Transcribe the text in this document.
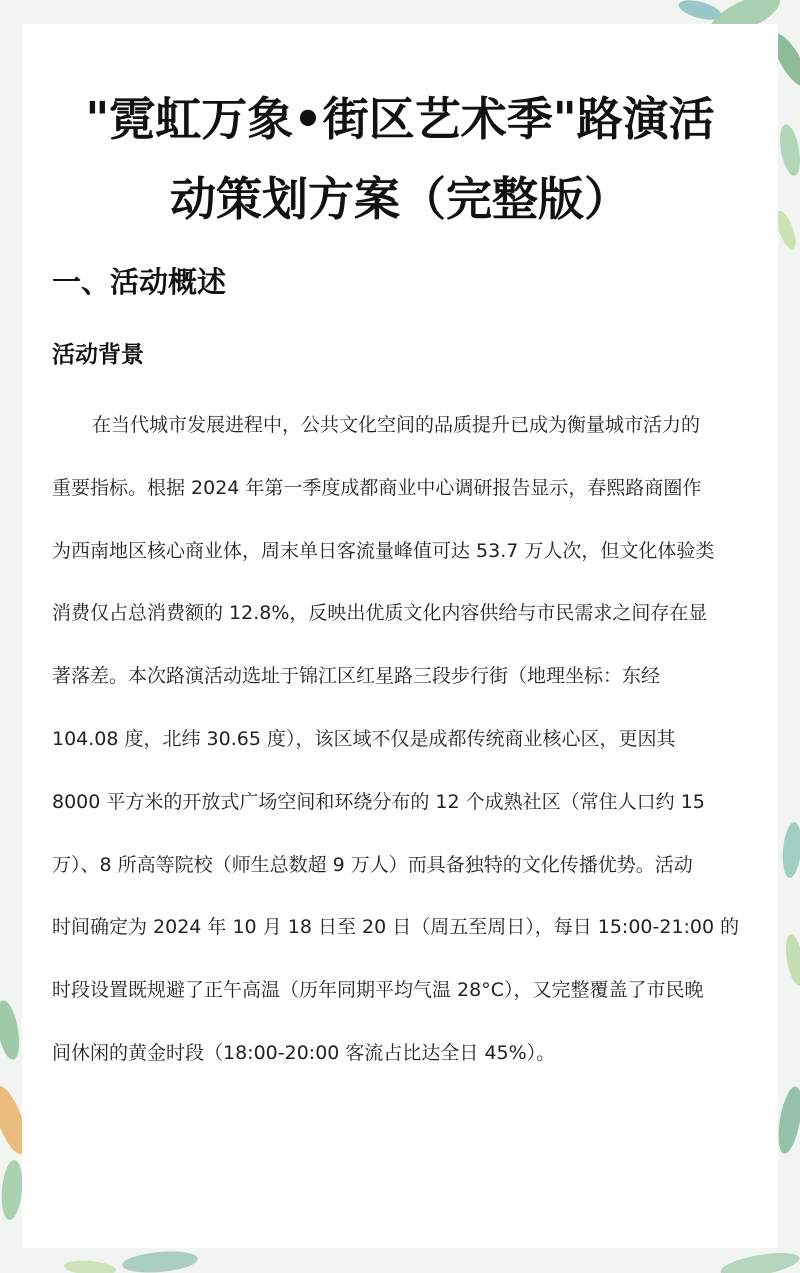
"霓虹万象•街区艺术季"路演活
动策划方案（完整版）
一、活动概述
活动背景

在当代城市发展进程中，公共文化空间的品质提升已成为衡量城市活力的
重要指标。根据 2024 年第一季度成都商业中心调研报告显示，春熙路商圈作
为西南地区核心商业体，周末单日客流量峰值可达 53.7 万人次，但文化体验类
消费仅占总消费额的 12.8%，反映出优质文化内容供给与市民需求之间存在显
著落差。本次路演活动选址于锦江区红星路三段步行街（地理坐标：东经
104.08 度，北纬 30.65 度），该区域不仅是成都传统商业核心区，更因其
8000 平方米的开放式广场空间和环绕分布的 12 个成熟社区（常住人口约 15
万）、8 所高等院校（师生总数超 9 万人）而具备独特的文化传播优势。活动
时间确定为 2024 年 10 月 18 日至 20 日（周五至周日），每日 15:00-21:00 的
时段设置既规避了正午高温（历年同期平均气温 28°C），又完整覆盖了市民晚
间休闲的黄金时段（18:00-20:00 客流占比达全日 45%）。
